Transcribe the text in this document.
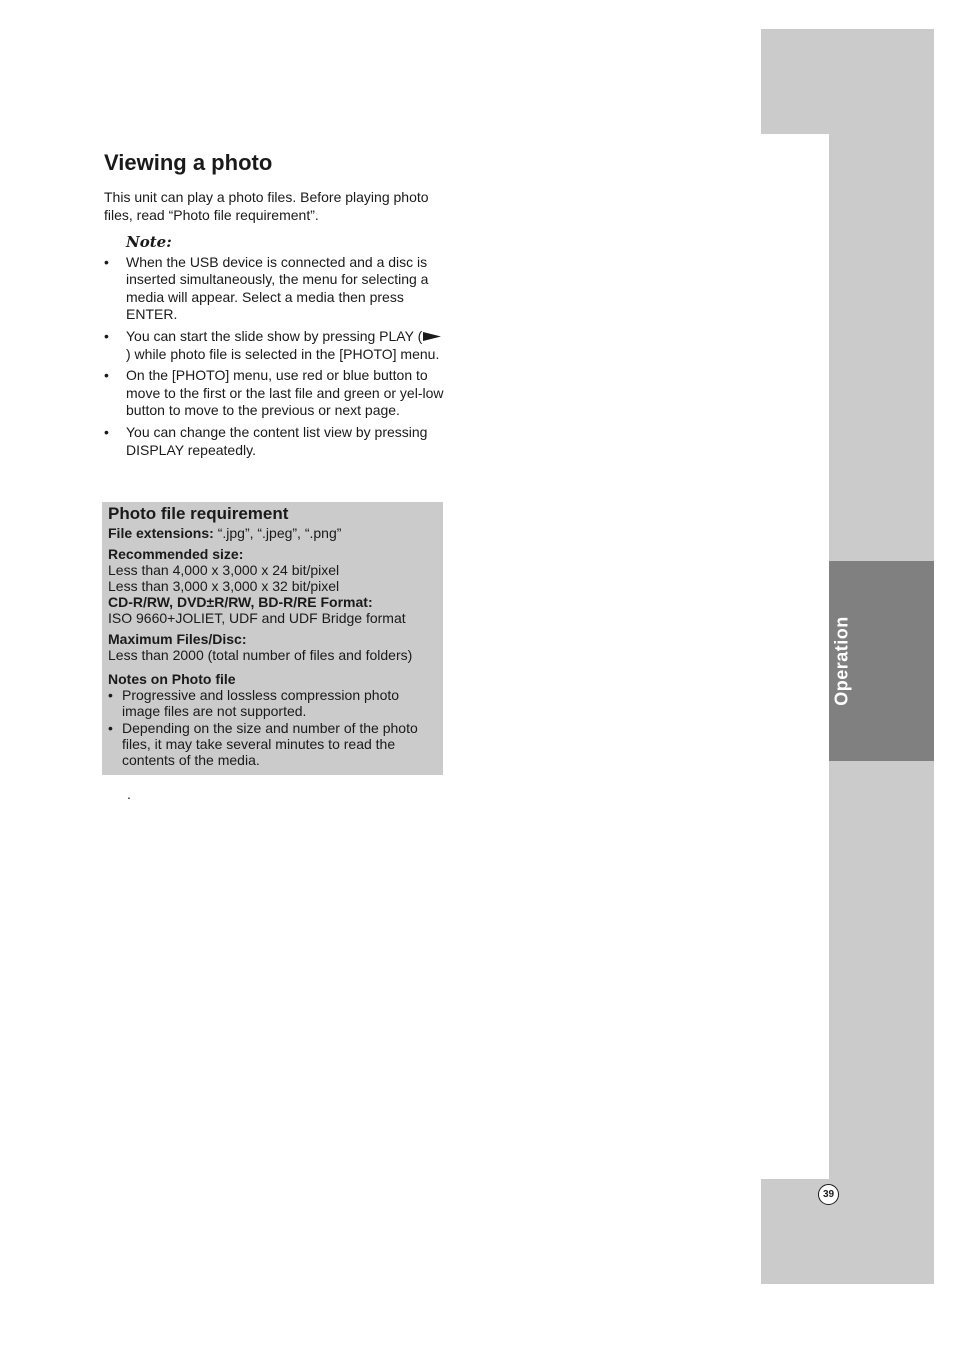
Operation
39
Viewing a photo

This unit can play a photo files. Before playing photo files, read “Photo file requirement”.

Note:
• When the USB device is connected and a disc is inserted simultaneously, the menu for selecting a media will appear. Select a media then press ENTER.
• You can start the slide show by pressing PLAY () while photo file is selected in the [PHOTO] menu.
• On the [PHOTO] menu, use red or blue button to move to the first or the last file and green or yel-low button to move to the previous or next page.
• You can change the content list view by pressing DISPLAY repeatedly.
Photo file requirement
File extensions: “.jpg”, “.jpeg”, “.png”
Recommended size:
Less than 4,000 x 3,000 x 24 bit/pixel
Less than 3,000 x 3,000 x 32 bit/pixel
CD-R/RW, DVD±R/RW, BD-R/RE Format:
ISO 9660+JOLIET, UDF and UDF Bridge format
Maximum Files/Disc:
Less than 2000 (total number of files and folders)
Notes on Photo file
• Progressive and lossless compression photo image files are not supported.
• Depending on the size and number of the photo files, it may take several minutes to read the contents of the media.
.
